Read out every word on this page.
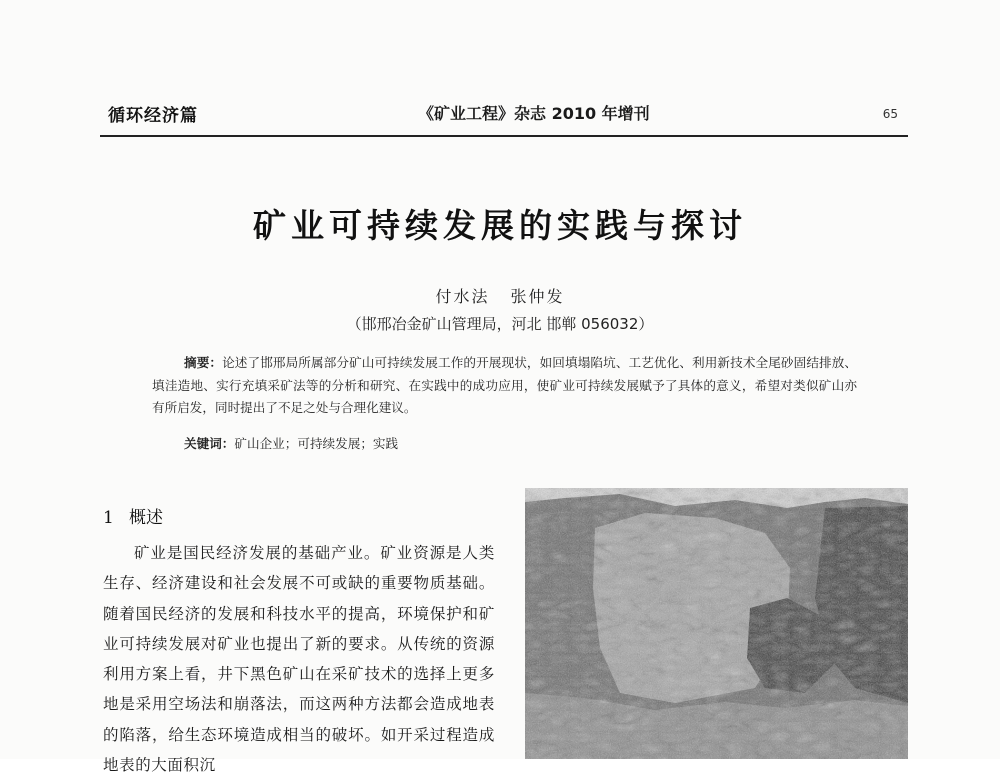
循环经济篇	《矿业工程》杂志 2010 年增刊	65
矿业可持续发展的实践与探讨
付水法 张仲发
（邯邢冶金矿山管理局，河北 邯郸 056032）
摘要：论述了邯邢局所属部分矿山可持续发展工作的开展现状，如回填塌陷坑、工艺优化、利用新技术全尾砂固结排放、填洼造地、实行充填采矿法等的分析和研究、在实践中的成功应用，使矿业可持续发展赋予了具体的意义，希望对类似矿山亦有所启发，同时提出了不足之处与合理化建议。
关键词：矿山企业；可持续发展；实践
1 概述
矿业是国民经济发展的基础产业。矿业资源是人类生存、经济建设和社会发展不可或缺的重要物质基础。随着国民经济的发展和科技水平的提高，环境保护和矿业可持续发展对矿业也提出了新的要求。从传统的资源利用方案上看，井下黑色矿山在采矿技术的选择上更多地是采用空场法和崩落法，而这两种方法都会造成地表的陷落，给生态环境造成相当的破坏。如开采过程造成地表的大面积沉
